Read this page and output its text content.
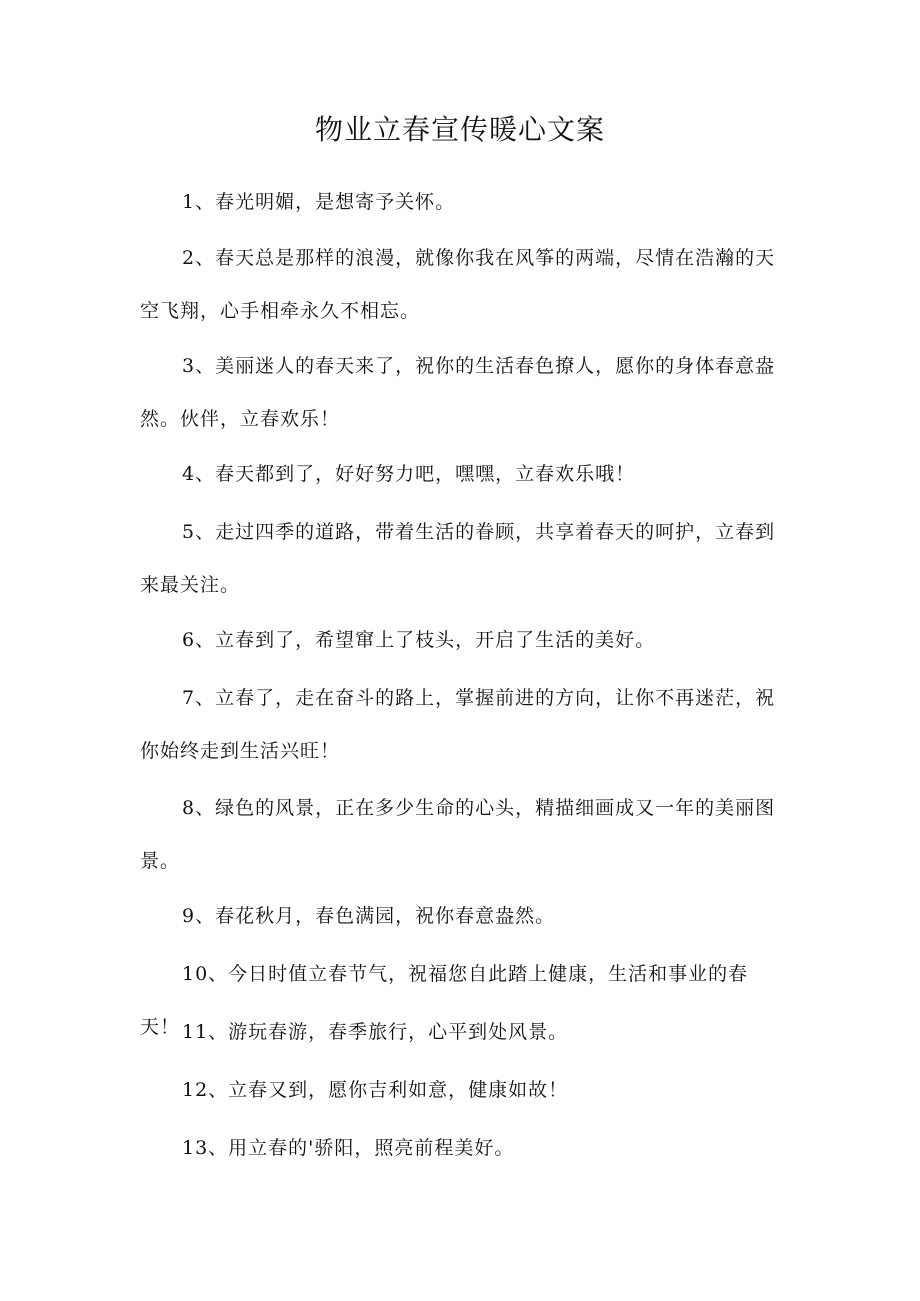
物业立春宣传暖心文案

1、春光明媚，是想寄予关怀。

2、春天总是那样的浪漫，就像你我在风筝的两端，尽情在浩瀚的天空飞翔，心手相牵永久不相忘。

3、美丽迷人的春天来了，祝你的生活春色撩人，愿你的身体春意盎然。伙伴，立春欢乐！

4、春天都到了，好好努力吧，嘿嘿，立春欢乐哦！

5、走过四季的道路，带着生活的眷顾，共享着春天的呵护，立春到来最关注。

6、立春到了，希望窜上了枝头，开启了生活的美好。

7、立春了，走在奋斗的路上，掌握前进的方向，让你不再迷茫，祝你始终走到生活兴旺！

8、绿色的风景，正在多少生命的心头，精描细画成又一年的美丽图景。

9、春花秋月，春色满园，祝你春意盎然。

10、今日时值立春节气，祝福您自此踏上健康，生活和事业的春天！ 11、游玩春游，春季旅行，心平到处风景。

12、立春又到，愿你吉利如意，健康如故！

13、用立春的'骄阳，照亮前程美好。
